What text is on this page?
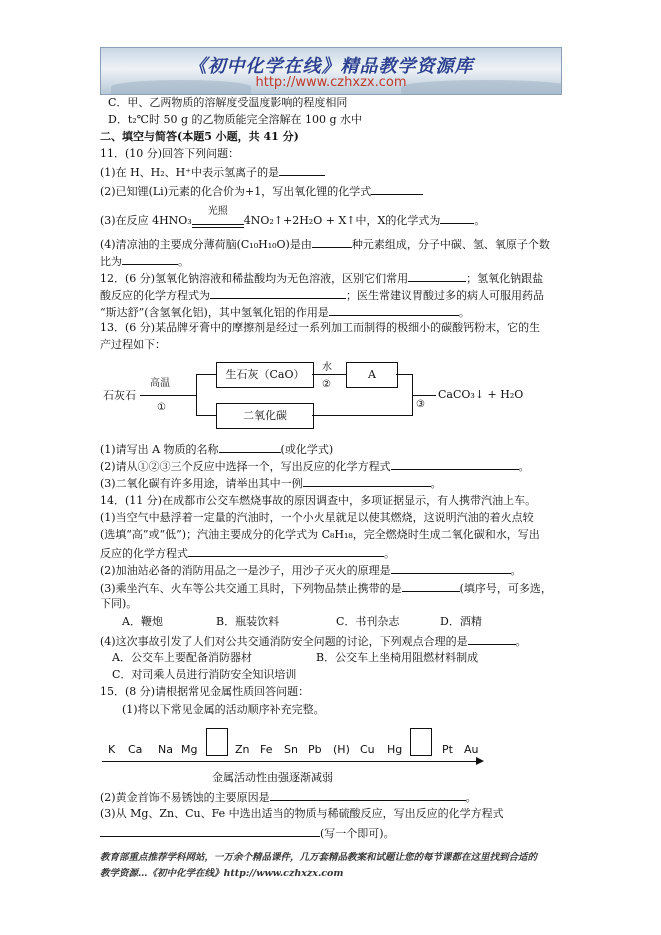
《初中化学在线》精品教学资源库
http://www.czhxzx.com
C．甲、乙两物质的溶解度受温度影响的程度相同
D．t₂℃时 50 g 的乙物质能完全溶解在 100 g 水中
二、填空与简答(本题5 小题，共 41 分)
11．(10 分)回答下列问题：
(1)在 H、H₂、H⁺中表示氢离子的是
(2)已知锂(Li)元素的化合价为+1，写出氧化锂的化学式
(3)在反应 4HNO₃
光照
4NO₂↑+2H₂O + X↑中，X的化学式为	。
(4)清凉油的主要成分薄荷脑(C₁₀H₁₀O)是由	种元素组成，分子中碳、氢、氧原子个数
比为	。
12．(6 分)氢氧化钠溶液和稀盐酸均为无色溶液，区别它们常用	；氢氧化钠跟盐
酸反应的化学方程式为	；医生常建议胃酸过多的病人可服用药品
“斯达舒”(含氢氧化铝)，其中氢氧化铝的作用是	。
13．(6 分)某品牌牙膏中的摩擦剂是经过一系列加工而制得的极细小的碳酸钙粉末，它的生
产过程如下：
石灰石
高温
①
生石灰（CaO）
水
②
A
二氧化碳
③
CaCO₃↓ + H₂O
(1)请写出 A 物质的名称	(或化学式)
(2)请从①②③三个反应中选择一个，写出反应的化学方程式	。
(3)二氧化碳有许多用途，请举出其中一例	。
14．(11 分)在成都市公交车燃烧事故的原因调查中，多项证据显示，有人携带汽油上车。
(1)当空气中悬浮着一定量的汽油时，一个小火星就足以使其燃烧，这说明汽油的着火点较
(选填“高”或“低”)；汽油主要成分的化学式为 C₈H₁₈，完全燃烧时生成二氧化碳和水，写出
反应的化学方程式	。
(2)加油站必备的消防用品之一是沙子，用沙子灭火的原理是	。
(3)乘坐汽车、火车等公共交通工具时，下列物品禁止携带的是	(填序号，可多选，
下同)。
A．鞭炮	B．瓶装饮料	C．书刊杂志	D．酒精
(4)这次事故引发了人们对公共交通消防安全问题的讨论，下列观点合理的是	。
A．公交车上要配备消防器材	B．公交车上坐椅用阻燃材料制成
C．对司乘人员进行消防安全知识培训
15．(8 分)请根据常见金属性质回答问题：
(1)将以下常见金属的活动顺序补充完整。
K Ca Na Mg	Zn Fe Sn Pb (H) Cu Hg	Pt Au
金属活动性由强逐渐减弱
(2)黄金首饰不易锈蚀的主要原因是	。
(3)从 Mg、Zn、Cu、Fe 中选出适当的物质与稀硫酸反应，写出反应的化学方程式
(写一个即可)。
教育部重点推荐学科网站，一万余个精品课件，几万套精品教案和试题让您的每节课都在这里找到合适的
教学资源…《初中化学在线》http://www.czhxzx.com
